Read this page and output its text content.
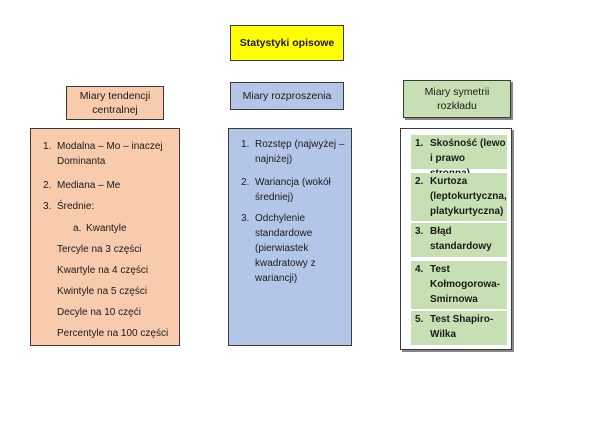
Statystyki opisowe
Miary tendencji centralnej
Miary rozproszenia	Miary symetrii rozkładu
1. Modalna – Mo – inaczej Dominanta
2. Mediana – Me
3. Średnie:
a. Kwantyle
Tercyle na 3 części
Kwartyle na 4 części
Kwintyle na 5 części
Decyle na 10 częći
Percentyle na 100 części
1. Rozstęp (najwyżej – najniżej)
2. Wariancja (wokół średniej)
3. Odchylenie standardowe (pierwiastek kwadratowy z wariancji)
1. Skośność (lewo i prawo
2. Kurtoza (leptokurtyczna, platykurtyczna)
3. Błąd standardowy
4. Test Kołmogorowa-Smirnowa
5. Test Shapiro-Wilka
